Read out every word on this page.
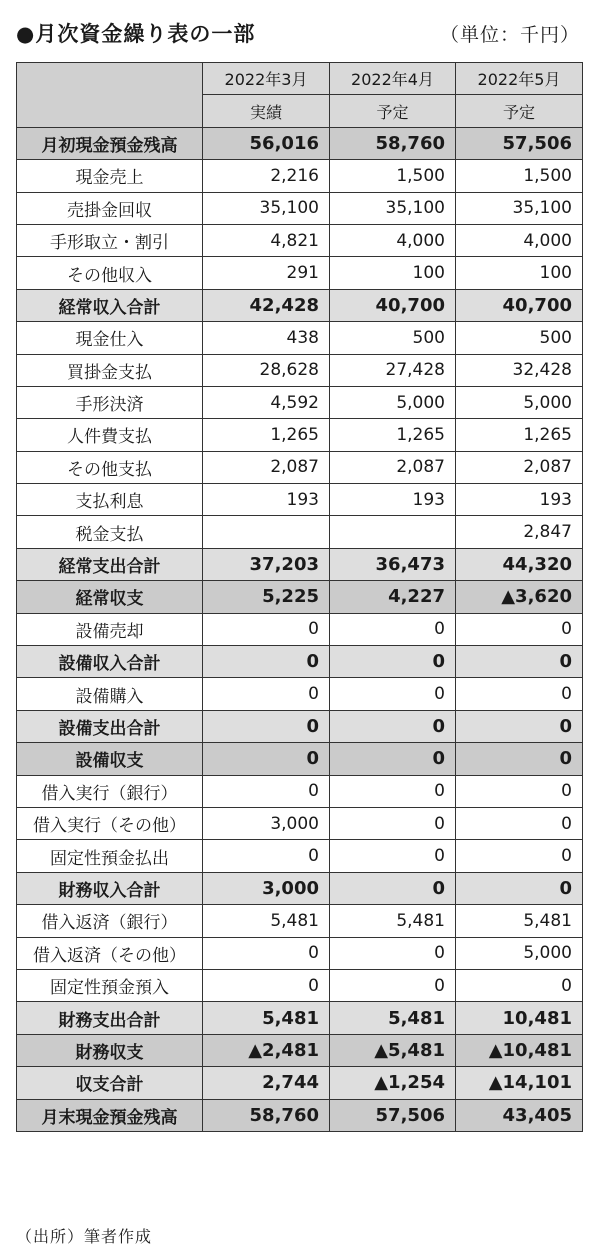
●月次資金繰り表の一部	（単位：千円）
	2022年3月	2022年4月	2022年5月
	実績	予定	予定
月初現金預金残高	56,016	58,760	57,506
現金売上	2,216	1,500	1,500
売掛金回収	35,100	35,100	35,100
手形取立・割引	4,821	4,000	4,000
その他収入	291	100	100
経常収入合計	42,428	40,700	40,700
現金仕入	438	500	500
買掛金支払	28,628	27,428	32,428
手形決済	4,592	5,000	5,000
人件費支払	1,265	1,265	1,265
その他支払	2,087	2,087	2,087
支払利息	193	193	193
税金支払			2,847
経常支出合計	37,203	36,473	44,320
経常収支	5,225	4,227	▲3,620
設備売却	0	0	0
設備収入合計	0	0	0
設備購入	0	0	0
設備支出合計	0	0	0
設備収支	0	0	0
借入実行（銀行）	0	0	0
借入実行（その他）	3,000	0	0
固定性預金払出	0	0	0
財務収入合計	3,000	0	0
借入返済（銀行）	5,481	5,481	5,481
借入返済（その他）	0	0	5,000
固定性預金預入	0	0	0
財務支出合計	5,481	5,481	10,481
財務収支	▲2,481	▲5,481	▲10,481
収支合計	2,744	▲1,254	▲14,101
月末現金預金残高	58,760	57,506	43,405
（出所）筆者作成
